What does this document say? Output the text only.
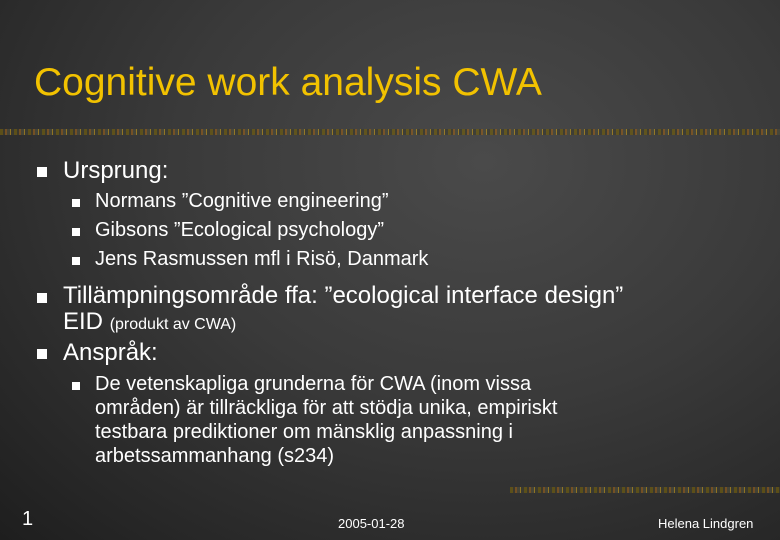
Cognitive work analysis CWA
Ursprung:
Normans ”Cognitive engineering”
Gibsons ”Ecological psychology”
Jens Rasmussen mfl i Risö, Danmark
Tillämpningsområde ffa: ”ecological interface design”
EID (produkt av CWA)
Anspråk:
De vetenskapliga grunderna för CWA (inom vissa
områden) är tillräckliga för att stödja unika, empiriskt
testbara prediktioner om mänsklig anpassning i
arbetssammanhang (s234)
1	2005-01-28	Helena Lindgren
